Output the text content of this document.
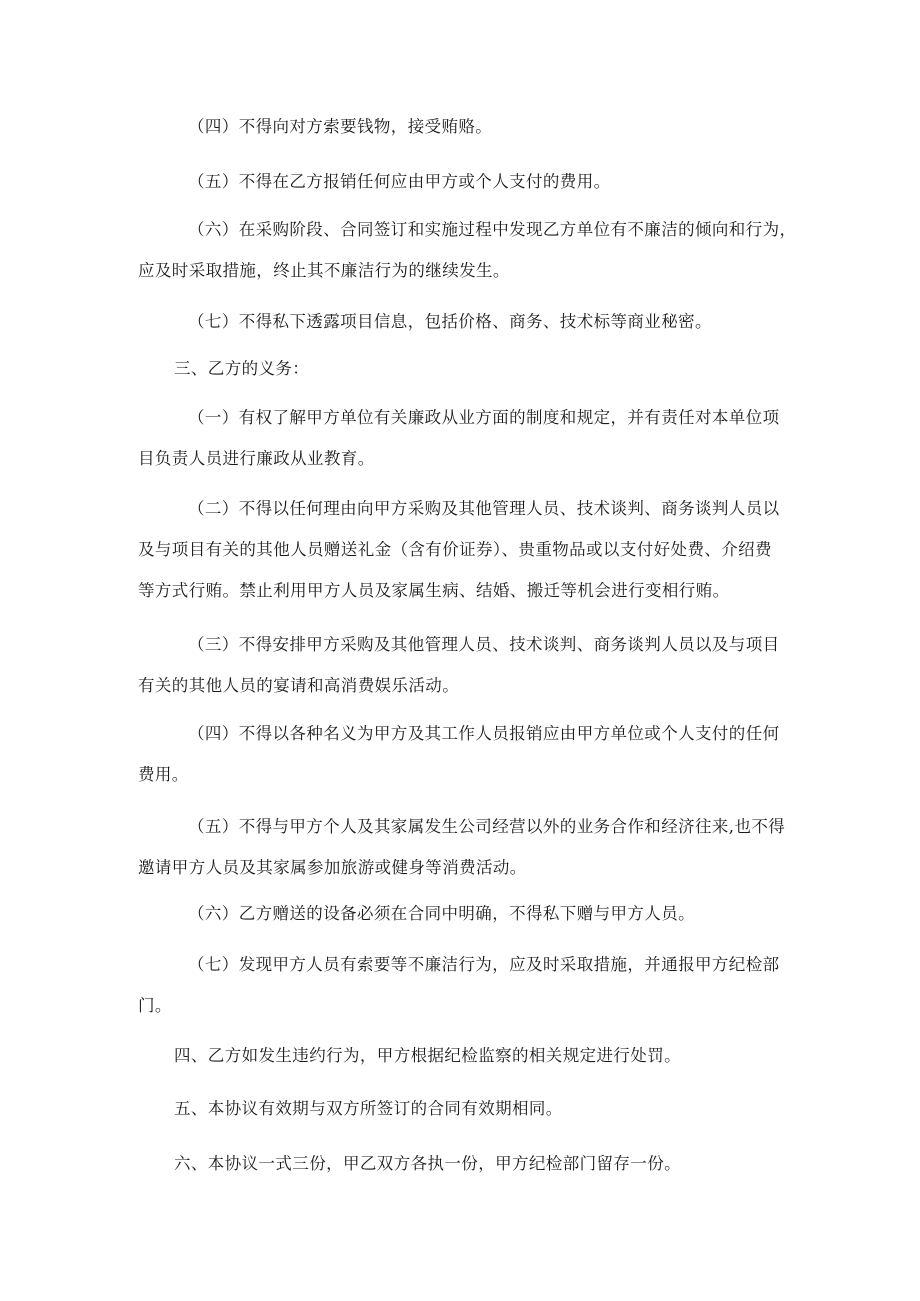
（四）不得向对方索要钱物，接受贿赂。

（五）不得在乙方报销任何应由甲方或个人支付的费用。

（六）在采购阶段、合同签订和实施过程中发现乙方单位有不廉洁的倾向和行为，
应及时采取措施，终止其不廉洁行为的继续发生。

（七）不得私下透露项目信息，包括价格、商务、技术标等商业秘密。

三、乙方的义务：

（一）有权了解甲方单位有关廉政从业方面的制度和规定，并有责任对本单位项
目负责人员进行廉政从业教育。

（二）不得以任何理由向甲方采购及其他管理人员、技术谈判、商务谈判人员以
及与项目有关的其他人员赠送礼金（含有价证券）、贵重物品或以支付好处费、介绍费
等方式行贿。禁止利用甲方人员及家属生病、结婚、搬迁等机会进行变相行贿。

（三）不得安排甲方采购及其他管理人员、技术谈判、商务谈判人员以及与项目
有关的其他人员的宴请和高消费娱乐活动。

（四）不得以各种名义为甲方及其工作人员报销应由甲方单位或个人支付的任何
费用。

（五）不得与甲方个人及其家属发生公司经营以外的业务合作和经济往来,也不得
邀请甲方人员及其家属参加旅游或健身等消费活动。

（六）乙方赠送的设备必须在合同中明确，不得私下赠与甲方人员。

（七）发现甲方人员有索要等不廉洁行为，应及时采取措施，并通报甲方纪检部
门。

四、乙方如发生违约行为，甲方根据纪检监察的相关规定进行处罚。

五、本协议有效期与双方所签订的合同有效期相同。

六、本协议一式三份，甲乙双方各执一份，甲方纪检部门留存一份。
